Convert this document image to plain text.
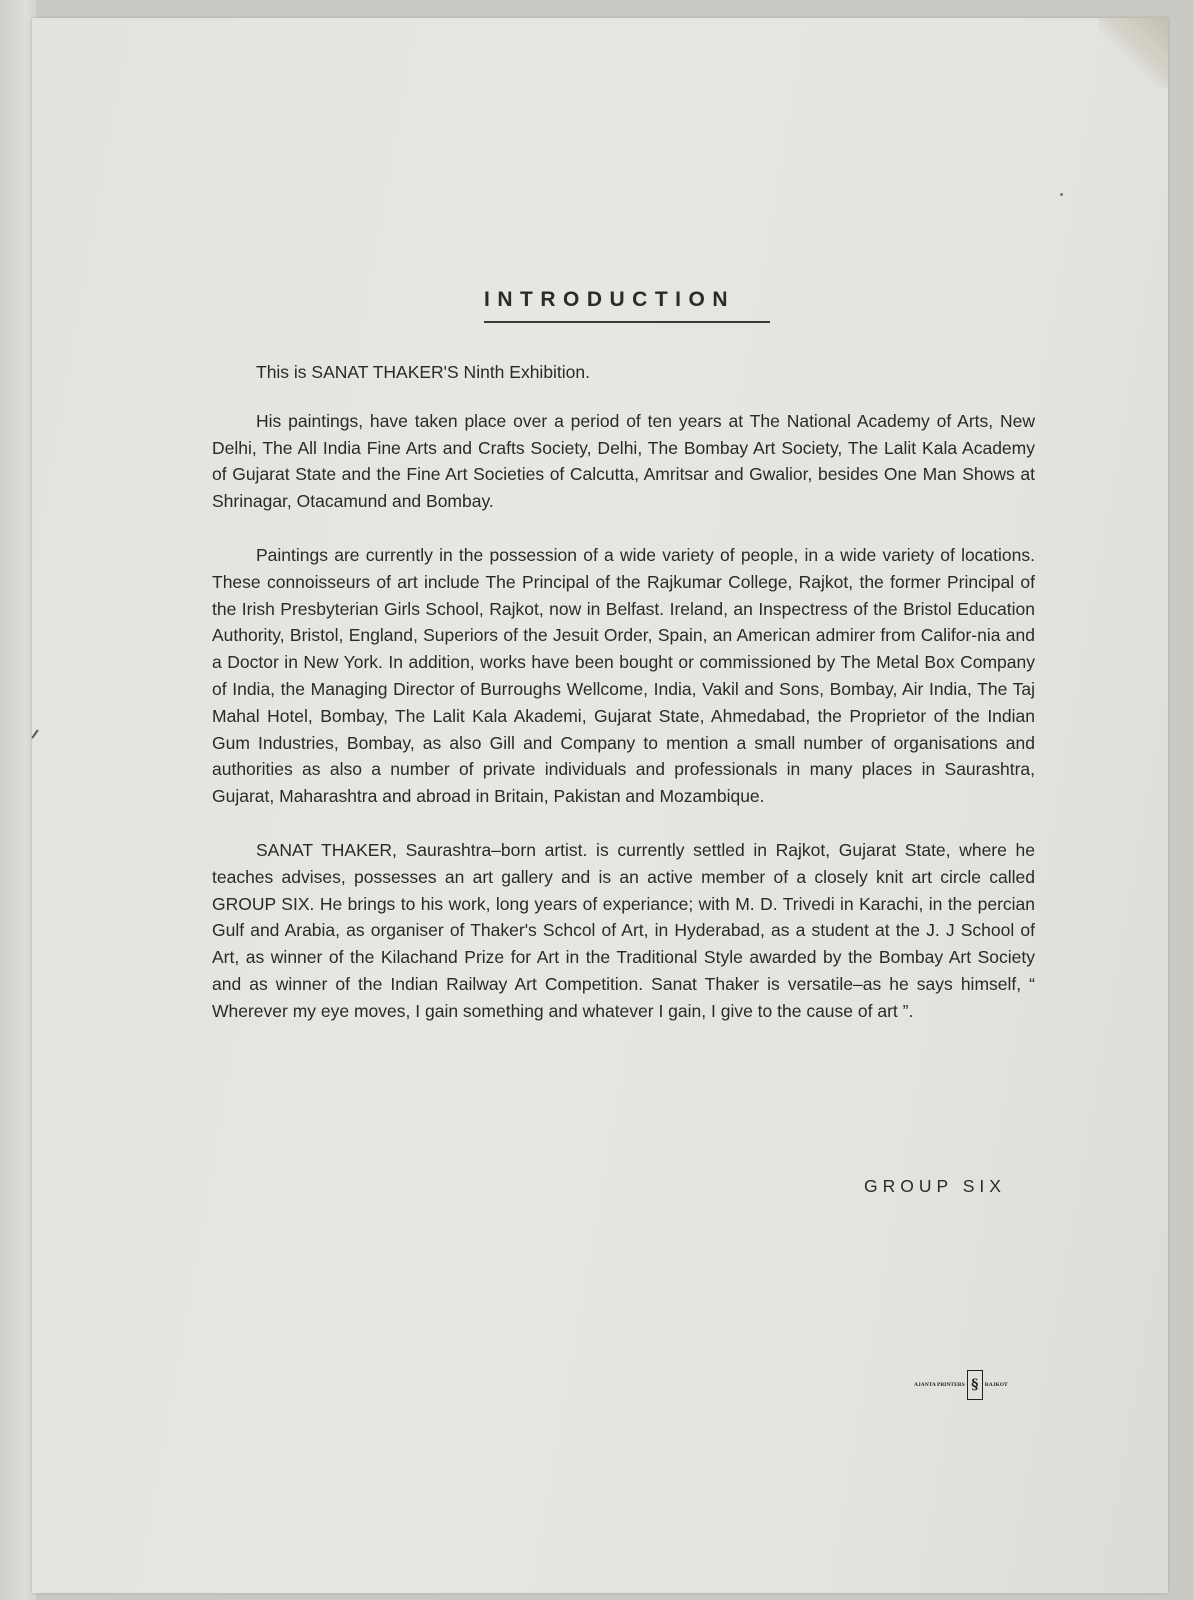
INTRODUCTION

This is SANAT THAKER'S Ninth Exhibition.

His paintings, have taken place over a period of ten years at The National Academy of Arts, New Delhi, The All India Fine Arts and Crafts Society, Delhi, The Bombay Art Society, The Lalit Kala Academy of Gujarat State and the Fine Art Societies of Calcutta, Amritsar and Gwalior, besides One Man Shows at Shrinagar, Otacamund and Bombay.

Paintings are currently in the possession of a wide variety of people, in a wide variety of locations. These connoisseurs of art include The Principal of the Rajkumar College, Rajkot, the former Principal of the Irish Presbyterian Girls School, Rajkot, now in Belfast. Ireland, an Inspectress of the Bristol Education Authority, Bristol, England, Superiors of the Jesuit Order, Spain, an American admirer from Califor-nia and a Doctor in New York. In addition, works have been bought or commissioned by The Metal Box Company of India, the Managing Director of Burroughs Wellcome, India, Vakil and Sons, Bombay, Air India, The Taj Mahal Hotel, Bombay, The Lalit Kala Akademi, Gujarat State, Ahmedabad, the Proprietor of the Indian Gum Industries, Bombay, as also Gill and Company to mention a small number of organisations and authorities as also a number of private individuals and professionals in many places in Saurashtra, Gujarat, Maharashtra and abroad in Britain, Pakistan and Mozambique.

SANAT THAKER, Saurashtra–born artist. is currently settled in Rajkot, Gujarat State, where he teaches advises, possesses an art gallery and is an active member of a closely knit art circle called GROUP SIX. He brings to his work, long years of experiance; with M. D. Trivedi in Karachi, in the percian Gulf and Arabia, as organiser of Thaker's Schcol of Art, in Hyderabad, as a student at the J. J School of Art, as winner of the Kilachand Prize for Art in the Traditional Style awarded by the Bombay Art Society and as winner of the Indian Railway Art Competition. Sanat Thaker is versatile–as he says himself, “ Wherever my eye moves, I gain something and whatever I gain, I give to the cause of art ”.

GROUP SIX
AJANTA PRINTERS §	RAJKOT
